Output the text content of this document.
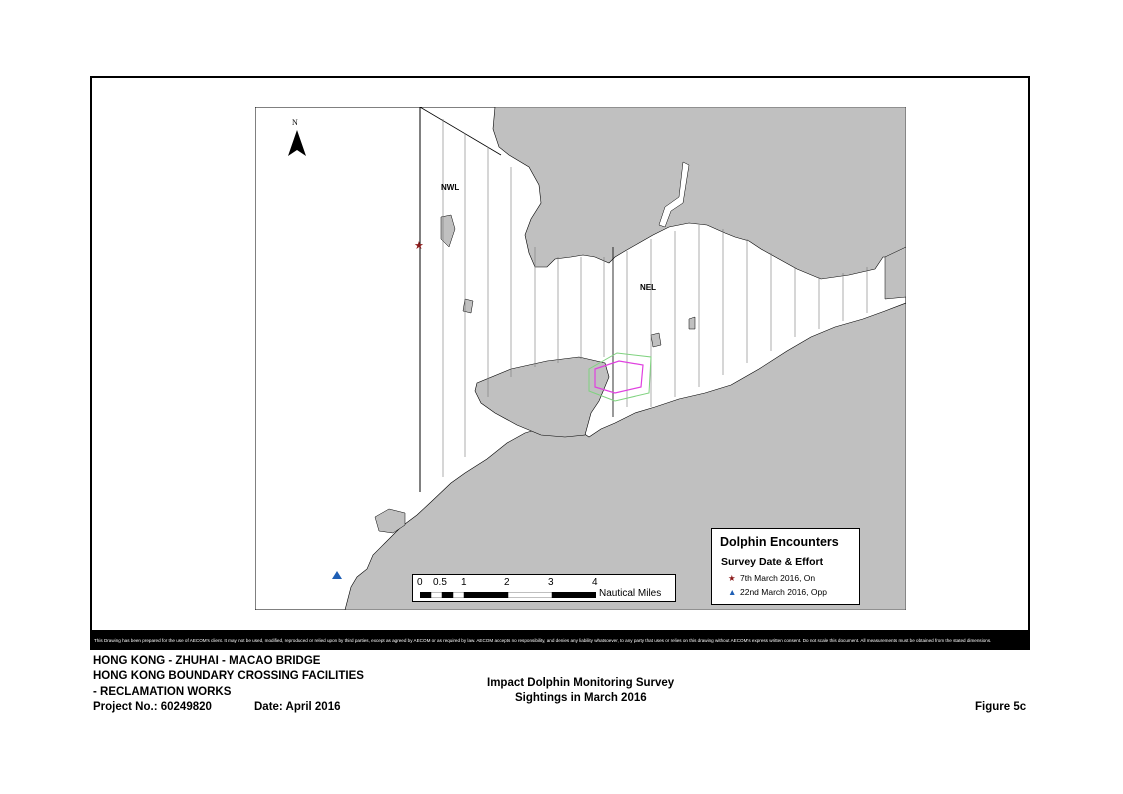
N
NWL
NEL
★
0 0.5 1	2	3	4
Nautical Miles
Dolphin Encounters
Survey Date & Effort
★ 7th March 2016, On
▲ 22nd March 2016, Opp
This Drawing has been prepared for the use of AECOM's client. It may not be used, modified, reproduced or relied upon by third parties, except as agreed by AECOM or as required by law. AECOM accepts no responsibility, and denies any liability whatsoever, to any party that uses or relies on this drawing without AECOM's express written consent. Do not scale this document. All measurements must be obtained from the stated dimensions.
HONG KONG - ZHUHAI - MACAO BRIDGE
HONG KONG BOUNDARY CROSSING FACILITIES
- RECLAMATION WORKS
Project No.: 60249820	Date: April 2016
Impact Dolphin Monitoring Survey
Sightings in March 2016
Figure 5c
